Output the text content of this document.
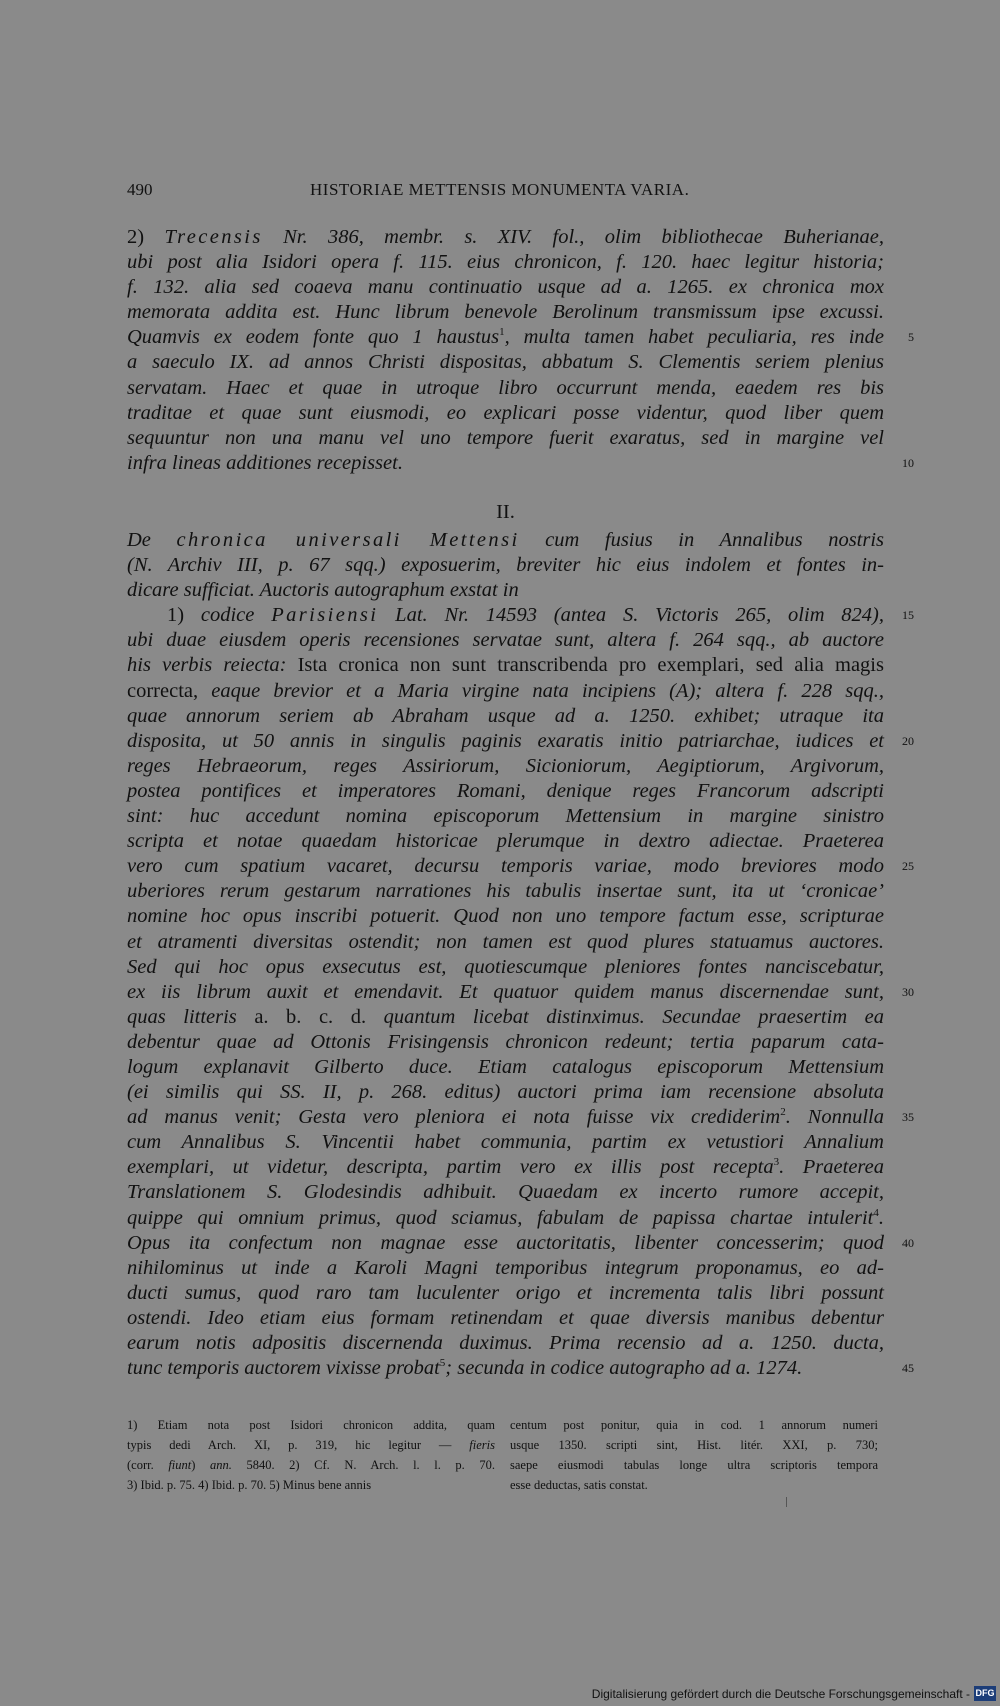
490	HISTORIAE METTENSIS MONUMENTA VARIA.
2) Trecensis Nr. 386, membr. s. XIV. fol., olim bibliothecae Buherianae,
ubi post alia Isidori opera f. 115. eius chronicon, f. 120. haec legitur historia;
f. 132. alia sed coaeva manu continuatio usque ad a. 1265. ex chronica mox
memorata addita est. Hunc librum benevole Berolinum transmissum ipse excussi.
Quamvis ex eodem fonte quo 1 haustus$^1$, multa tamen habet peculiaria, res inde 5
a saeculo IX. ad annos Christi dispositas, abbatum S. Clementis seriem plenius
servatam. Haec et quae in utroque libro occurrunt menda, eaedem res bis
traditae et quae sunt eiusmodi, eo explicari posse videntur, quod liber quem
sequuntur non una manu vel uno tempore fuerit exaratus, sed in margine vel
infra lineas additiones recepisset.	10
II.
De chronica universali Mettensi cum fusius in Annalibus nostris
(N. Archiv III, p. 67 sqq.) exposuerim, breviter hic eius indolem et fontes in-
dicare sufficiat. Auctoris autographum exstat in
1) codice Parisiensi Lat. Nr. 14593 (antea S. Victoris 265, olim 824), 15
ubi duae eiusdem operis recensiones servatae sunt, altera f. 264 sqq., ab auctore
his verbis reiecta: Ista cronica non sunt transcribenda pro exemplari, sed alia magis
correcta, eaque brevior et a Maria virgine nata incipiens (A); altera f. 228 sqq.,
quae annorum seriem ab Abraham usque ad a. 1250. exhibet; utraque ita
disposita, ut 50 annis in singulis paginis exaratis initio patriarchae, iudices et 20
reges Hebraeorum, reges Assiriorum, Sicioniorum, Aegiptiorum, Argivorum,
postea pontifices et imperatores Romani, denique reges Francorum adscripti
sint: huc accedunt nomina episcoporum Mettensium in margine sinistro
scripta et notae quaedam historicae plerumque in dextro adiectae. Praeterea
vero cum spatium vacaret, decursu temporis variae, modo breviores modo 25
uberiores rerum gestarum narrationes his tabulis insertae sunt, ita ut ‘cronicae’
nomine hoc opus inscribi potuerit. Quod non uno tempore factum esse, scripturae
et atramenti diversitas ostendit; non tamen est quod plures statuamus auctores.
Sed qui hoc opus exsecutus est, quotiescumque pleniores fontes nanciscebatur,
ex iis librum auxit et emendavit. Et quatuor quidem manus discernendae sunt, 30
quas litteris a. b. c. d. quantum licebat distinximus. Secundae praesertim ea
debentur quae ad Ottonis Frisingensis chronicon redeunt; tertia paparum cata-
logum explanavit Gilberto duce. Etiam catalogus episcoporum Mettensium
(ei similis qui SS. II, p. 268. editus) auctori prima iam recensione absoluta
ad manus venit; Gesta vero pleniora ei nota fuisse vix crediderim$^2$. Nonnulla 35
cum Annalibus S. Vincentii habet communia, partim ex vetustiori Annalium
exemplari, ut videtur, descripta, partim vero ex illis post recepta$^3$. Praeterea
Translationem S. Glodesindis adhibuit. Quaedam ex incerto rumore accepit,
quippe qui omnium primus, quod sciamus, fabulam de papissa chartae intulerit$^4$.
Opus ita confectum non magnae esse auctoritatis, libenter concesserim; quod 40
nihilominus ut inde a Karoli Magni temporibus integrum proponamus, eo ad-
ducti sumus, quod raro tam luculenter origo et incrementa talis libri possunt
ostendi. Ideo etiam eius formam retinendam et quae diversis manibus debentur
earum notis adpositis discernenda duximus. Prima recensio ad a. 1250. ducta,
tunc temporis auctorem vixisse probat$^5$; secunda in codice autographo ad a. 1274.	45
1) Etiam nota post Isidori chronicon addita, quam
typis dedi Arch. XI, p. 319, hic legitur — fieris
(corr. fiunt) ann. 5840. 2) Cf. N. Arch. l. l. p. 70.
3) Ibid. p. 75. 4) Ibid. p. 70. 5) Minus bene annis
centum post ponitur, quia in cod. 1 annorum numeri
usque 1350. scripti sint, Hist. litér. XXI, p. 730;
saepe eiusmodi tabulas longe ultra scriptoris tempora
esse deductas, satis constat.
Digitalisierung gefördert durch die Deutsche Forschungsgemeinschaft - DFG
